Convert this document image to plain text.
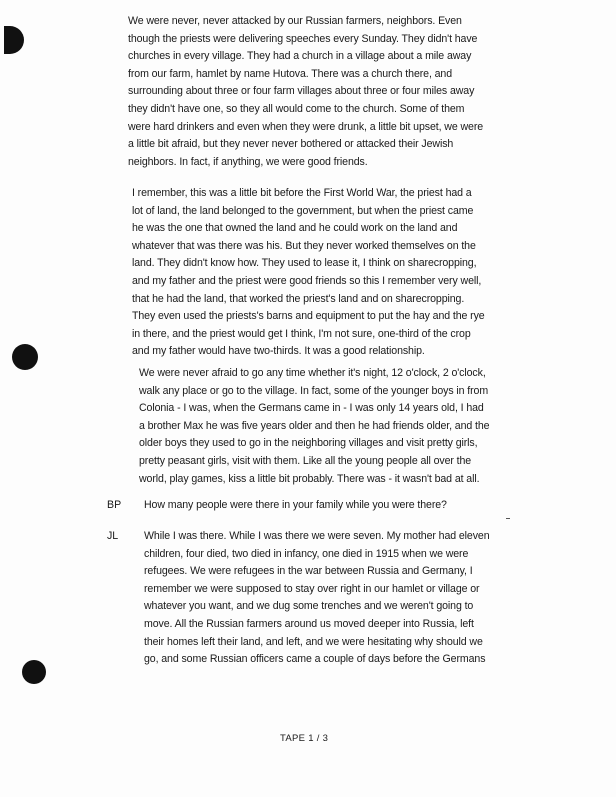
We were never, never attacked by our Russian farmers, neighbors. Even
though the priests were delivering speeches every Sunday. They didn't have
churches in every village. They had a church in a village about a mile away
from our farm, hamlet by name Hutova. There was a church there, and
surrounding about three or four farm villages about three or four miles away
they didn't have one, so they all would come to the church. Some of them
were hard drinkers and even when they were drunk, a little bit upset, we were
a little bit afraid, but they never never bothered or attacked their Jewish
neighbors. In fact, if anything, we were good friends.
I remember, this was a little bit before the First World War, the priest had a
lot of land, the land belonged to the government, but when the priest came
he was the one that owned the land and he could work on the land and
whatever that was there was his. But they never worked themselves on the
land. They didn't know how. They used to lease it, I think on sharecropping,
and my father and the priest were good friends so this I remember very well,
that he had the land, that worked the priest's land and on sharecropping.
They even used the priests's barns and equipment to put the hay and the rye
in there, and the priest would get I think, I'm not sure, one-third of the crop
and my father would have two-thirds. It was a good relationship.
We were never afraid to go any time whether it's night, 12 o'clock, 2 o'clock,
walk any place or go to the village. In fact, some of the younger boys in from
Colonia - I was, when the Germans came in - I was only 14 years old, I had
a brother Max he was five years older and then he had friends older, and the
older boys they used to go in the neighboring villages and visit pretty girls,
pretty peasant girls, visit with them. Like all the young people all over the
world, play games, kiss a little bit probably. There was - it wasn't bad at all.
BP How many people were there in your family while you were there?
JL While I was there. While I was there we were seven. My mother had eleven
children, four died, two died in infancy, one died in 1915 when we were
refugees. We were refugees in the war between Russia and Germany, I
remember we were supposed to stay over right in our hamlet or village or
whatever you want, and we dug some trenches and we weren't going to
move. All the Russian farmers around us moved deeper into Russia, left
their homes left their land, and left, and we were hesitating why should we
go, and some Russian officers came a couple of days before the Germans
TAPE 1 / 3
